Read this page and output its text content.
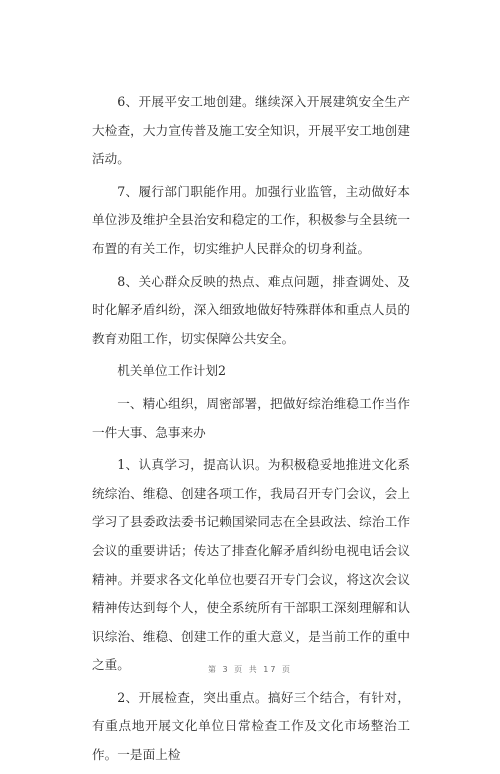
6、开展平安工地创建。继续深入开展建筑安全生产大检查，大力宣传普及施工安全知识，开展平安工地创建活动。

7、履行部门职能作用。加强行业监管，主动做好本单位涉及维护全县治安和稳定的工作，积极参与全县统一布置的有关工作，切实维护人民群众的切身利益。

8、关心群众反映的热点、难点问题，排查调处、及时化解矛盾纠纷，深入细致地做好特殊群体和重点人员的教育劝阻工作，切实保障公共安全。

机关单位工作计划2

一、精心组织，周密部署，把做好综治维稳工作当作一件大事、急事来办

1、认真学习，提高认识。为积极稳妥地推进文化系统综治、维稳、创建各项工作，我局召开专门会议，会上学习了县委政法委书记赖国梁同志在全县政法、综治工作会议的重要讲话；传达了排查化解矛盾纠纷电视电话会议精神。并要求各文化单位也要召开专门会议，将这次会议精神传达到每个人，使全系统所有干部职工深刻理解和认识综治、维稳、创建工作的重大意义，是当前工作的重中之重。

2、开展检查，突出重点。搞好三个结合，有针对，有重点地开展文化单位日常检查工作及文化市场整治工作。一是面上检

第 3 页 共 17 页
